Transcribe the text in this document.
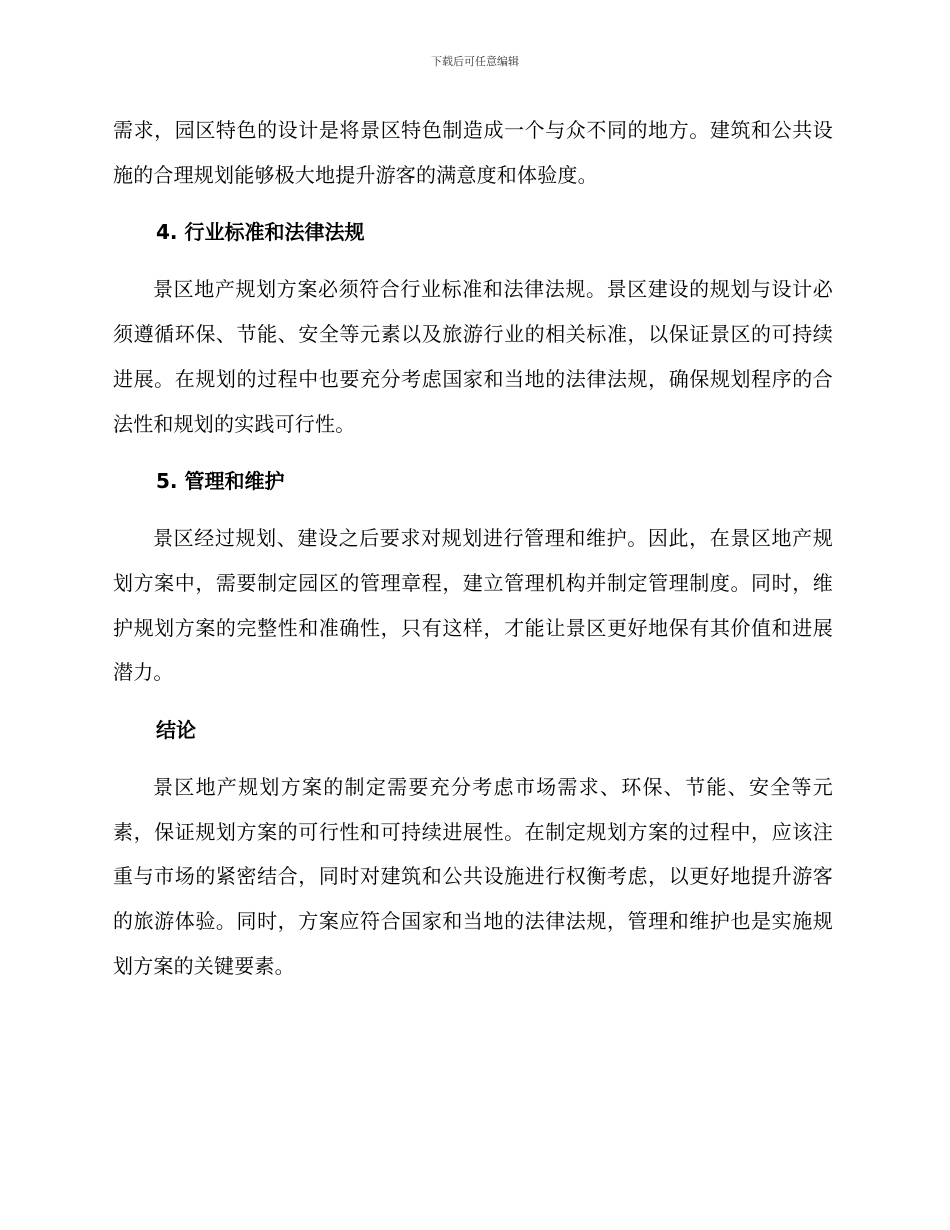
下载后可任意编辑

需求，园区特色的设计是将景区特色制造成一个与众不同的地方。建筑和公共设施的合理规划能够极大地提升游客的满意度和体验度。

4. 行业标准和法律法规

景区地产规划方案必须符合行业标准和法律法规。景区建设的规划与设计必须遵循环保、节能、安全等元素以及旅游行业的相关标准，以保证景区的可持续进展。在规划的过程中也要充分考虑国家和当地的法律法规，确保规划程序的合法性和规划的实践可行性。

5. 管理和维护

景区经过规划、建设之后要求对规划进行管理和维护。因此，在景区地产规划方案中，需要制定园区的管理章程，建立管理机构并制定管理制度。同时，维护规划方案的完整性和准确性，只有这样，才能让景区更好地保有其价值和进展潜力。

结论

景区地产规划方案的制定需要充分考虑市场需求、环保、节能、安全等元素，保证规划方案的可行性和可持续进展性。在制定规划方案的过程中，应该注重与市场的紧密结合，同时对建筑和公共设施进行权衡考虑，以更好地提升游客的旅游体验。同时，方案应符合国家和当地的法律法规，管理和维护也是实施规划方案的关键要素。
